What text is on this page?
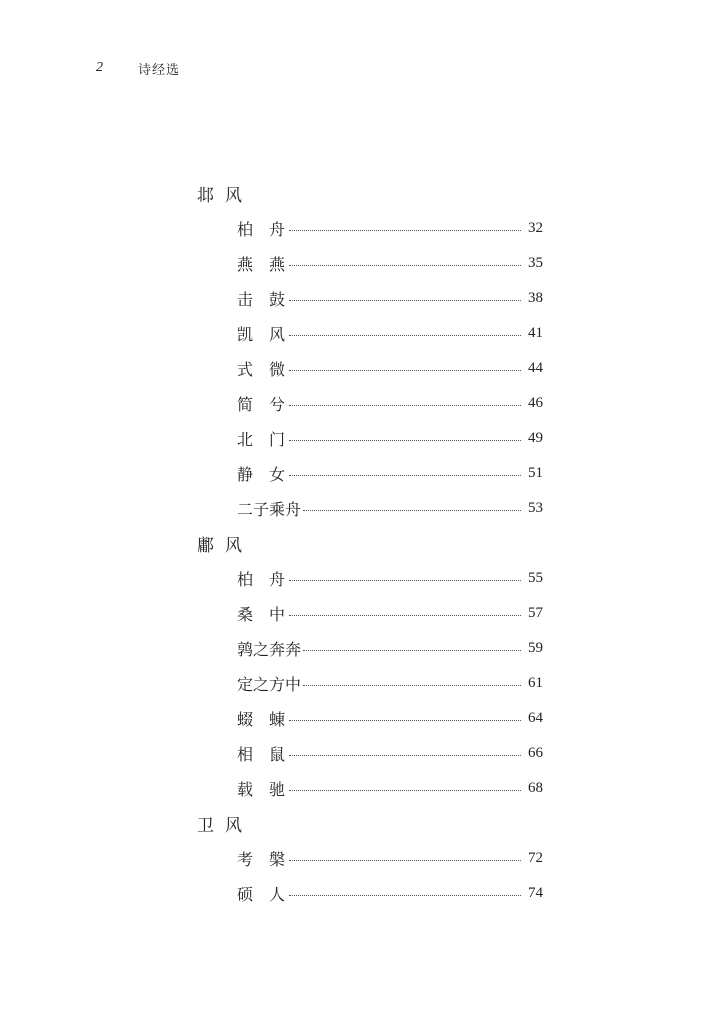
2	诗经选
邶风
柏舟	32
燕燕	35
击鼓	38
凯风	41
式微	44
简兮	46
北门	49
静女	51
二子乘舟	53
鄘风
柏舟	55
桑中	57
鹑之奔奔	59
定之方中	61
蝃蝀	64
相鼠	66
载驰	68
卫风
考槃	72
硕人	74
